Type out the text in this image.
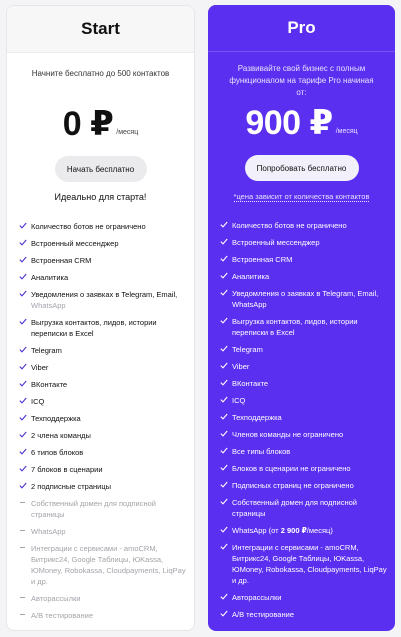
Start
Начните бесплатно до 500 контактов
0 ₽ /месяц
Начать бесплатно
Идеально для старта!
Количество ботов не ограничено
Встроенный мессенджер
Встроенная CRM
Аналитика
Уведомления о заявках в Telegram, Email, WhatsApp
Выгрузка контактов, лидов, истории переписки в Excel
Telegram
Viber
ВКонтакте
ICQ
Техподдержка
2 члена команды
6 типов блоков
7 блоков в сценарии
2 подписные страницы
Собственный домен для подписной страницы
WhatsApp
Интеграции с сервисами - amoCRM, Битрикс24, Google Таблицы, ЮKassa, ЮMoney, Robokassa, Cloudpayments, LiqPay и др.
Авторассылки
A/B тестирование
Pro
Развивайте свой бизнес с полным функционалом на тарифе Pro начиная от:
900 ₽ /месяц
Попробовать бесплатно
*цена зависит от количества контактов
Количество ботов не ограничено
Встроенный мессенджер
Встроенная CRM
Аналитика
Уведомления о заявках в Telegram, Email, WhatsApp
Выгрузка контактов, лидов, истории переписки в Excel
Telegram
Viber
ВКонтакте
ICQ
Техподдержка
Членов команды не ограничено
Все типы блоков
Блоков в сценарии не ограничено
Подписных страниц не ограничено
Собственный домен для подписной страницы
WhatsApp (от 2 900 ₽/месяц)
Интеграции с сервисами - amoCRM, Битрикс24, Google Таблицы, ЮKassa, ЮMoney, Robokassa, Cloudpayments, LiqPay и др.
Авторассылки
A/B тестирование
